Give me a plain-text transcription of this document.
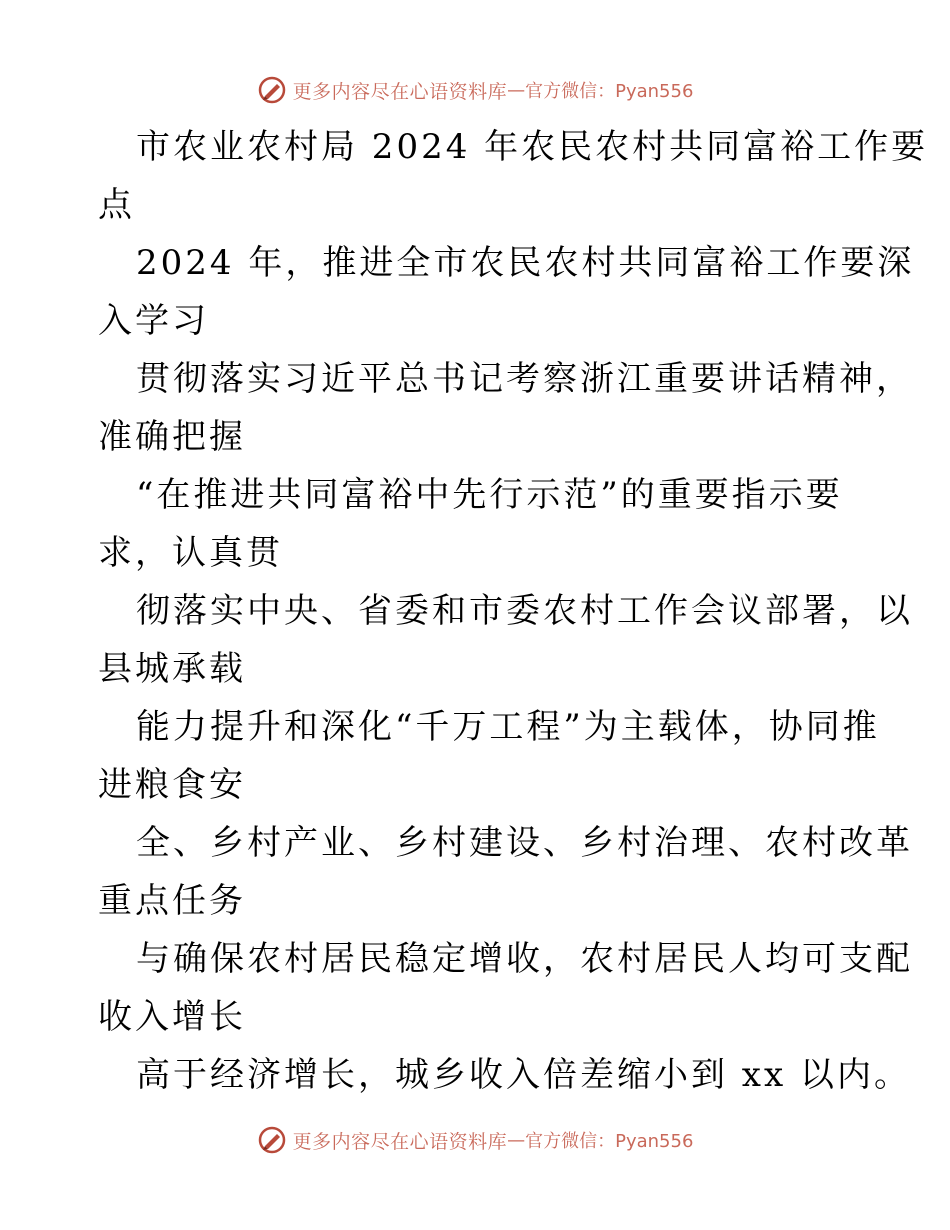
更多内容尽在心语资料库 — 官方微信：Pyan556
市农业农村局 2024 年农民农村共同富裕工作要
点
2024 年，推进全市农民农村共同富裕工作要深
入学习
贯彻落实习近平总书记考察浙江重要讲话精神，
准确把握
“在推进共同富裕中先行示范”的重要指示要
求，认真贯
彻落实中央、省委和市委农村工作会议部署，以
县城承载
能力提升和深化“千万工程”为主载体，协同推
进粮食安
全、乡村产业、乡村建设、乡村治理、农村改革
重点任务
与确保农村居民稳定增收，农村居民人均可支配
收入增长
高于经济增长，城乡收入倍差缩小到 xx 以内。
更多内容尽在心语资料库 — 官方微信：Pyan556
